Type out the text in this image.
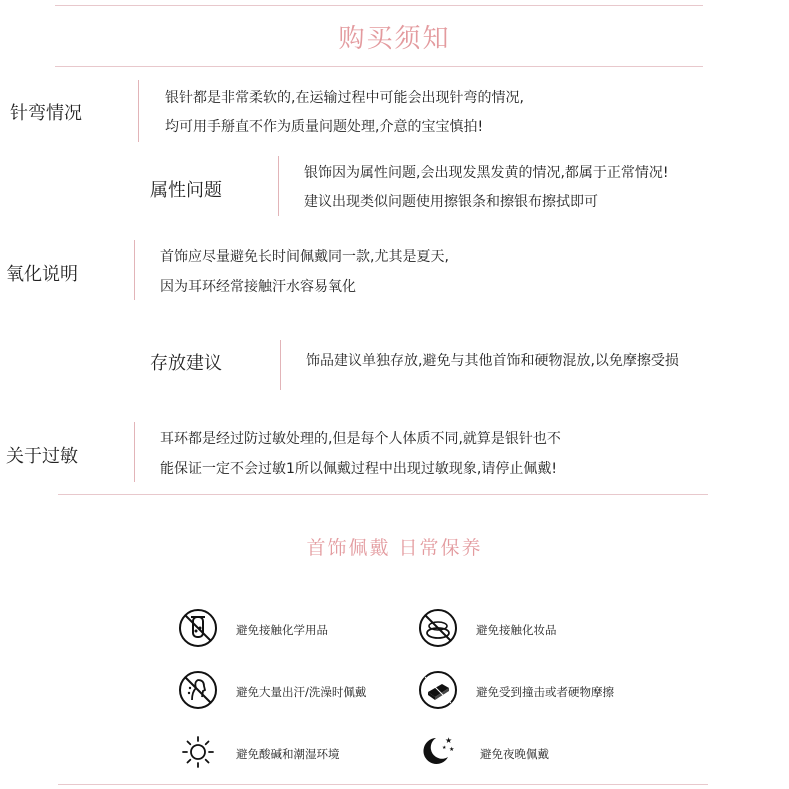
购买须知
针弯情况
银针都是非常柔软的,在运输过程中可能会出现针弯的情况,
均可用手掰直不作为质量问题处理,介意的宝宝慎拍!
属性问题
银饰因为属性问题,会出现发黑发黄的情况,都属于正常情况!
建议出现类似问题使用擦银条和擦银布擦拭即可
氧化说明
首饰应尽量避免长时间佩戴同一款,尤其是夏天,
因为耳环经常接触汗水容易氧化
存放建议	饰品建议单独存放,避免与其他首饰和硬物混放,以免摩擦受损
关于过敏
耳环都是经过防过敏处理的,但是每个人体质不同,就算是银针也不
能保证一定不会过敏1所以佩戴过程中出现过敏现象,请停止佩戴!
首饰佩戴 日常保养
避免接触化学用品	避免接触化妆品
避免大量出汗/洗澡时佩戴	避免受到撞击或者硬物摩擦
避免酸碱和潮湿环境
★
★
★	避免夜晚佩戴
